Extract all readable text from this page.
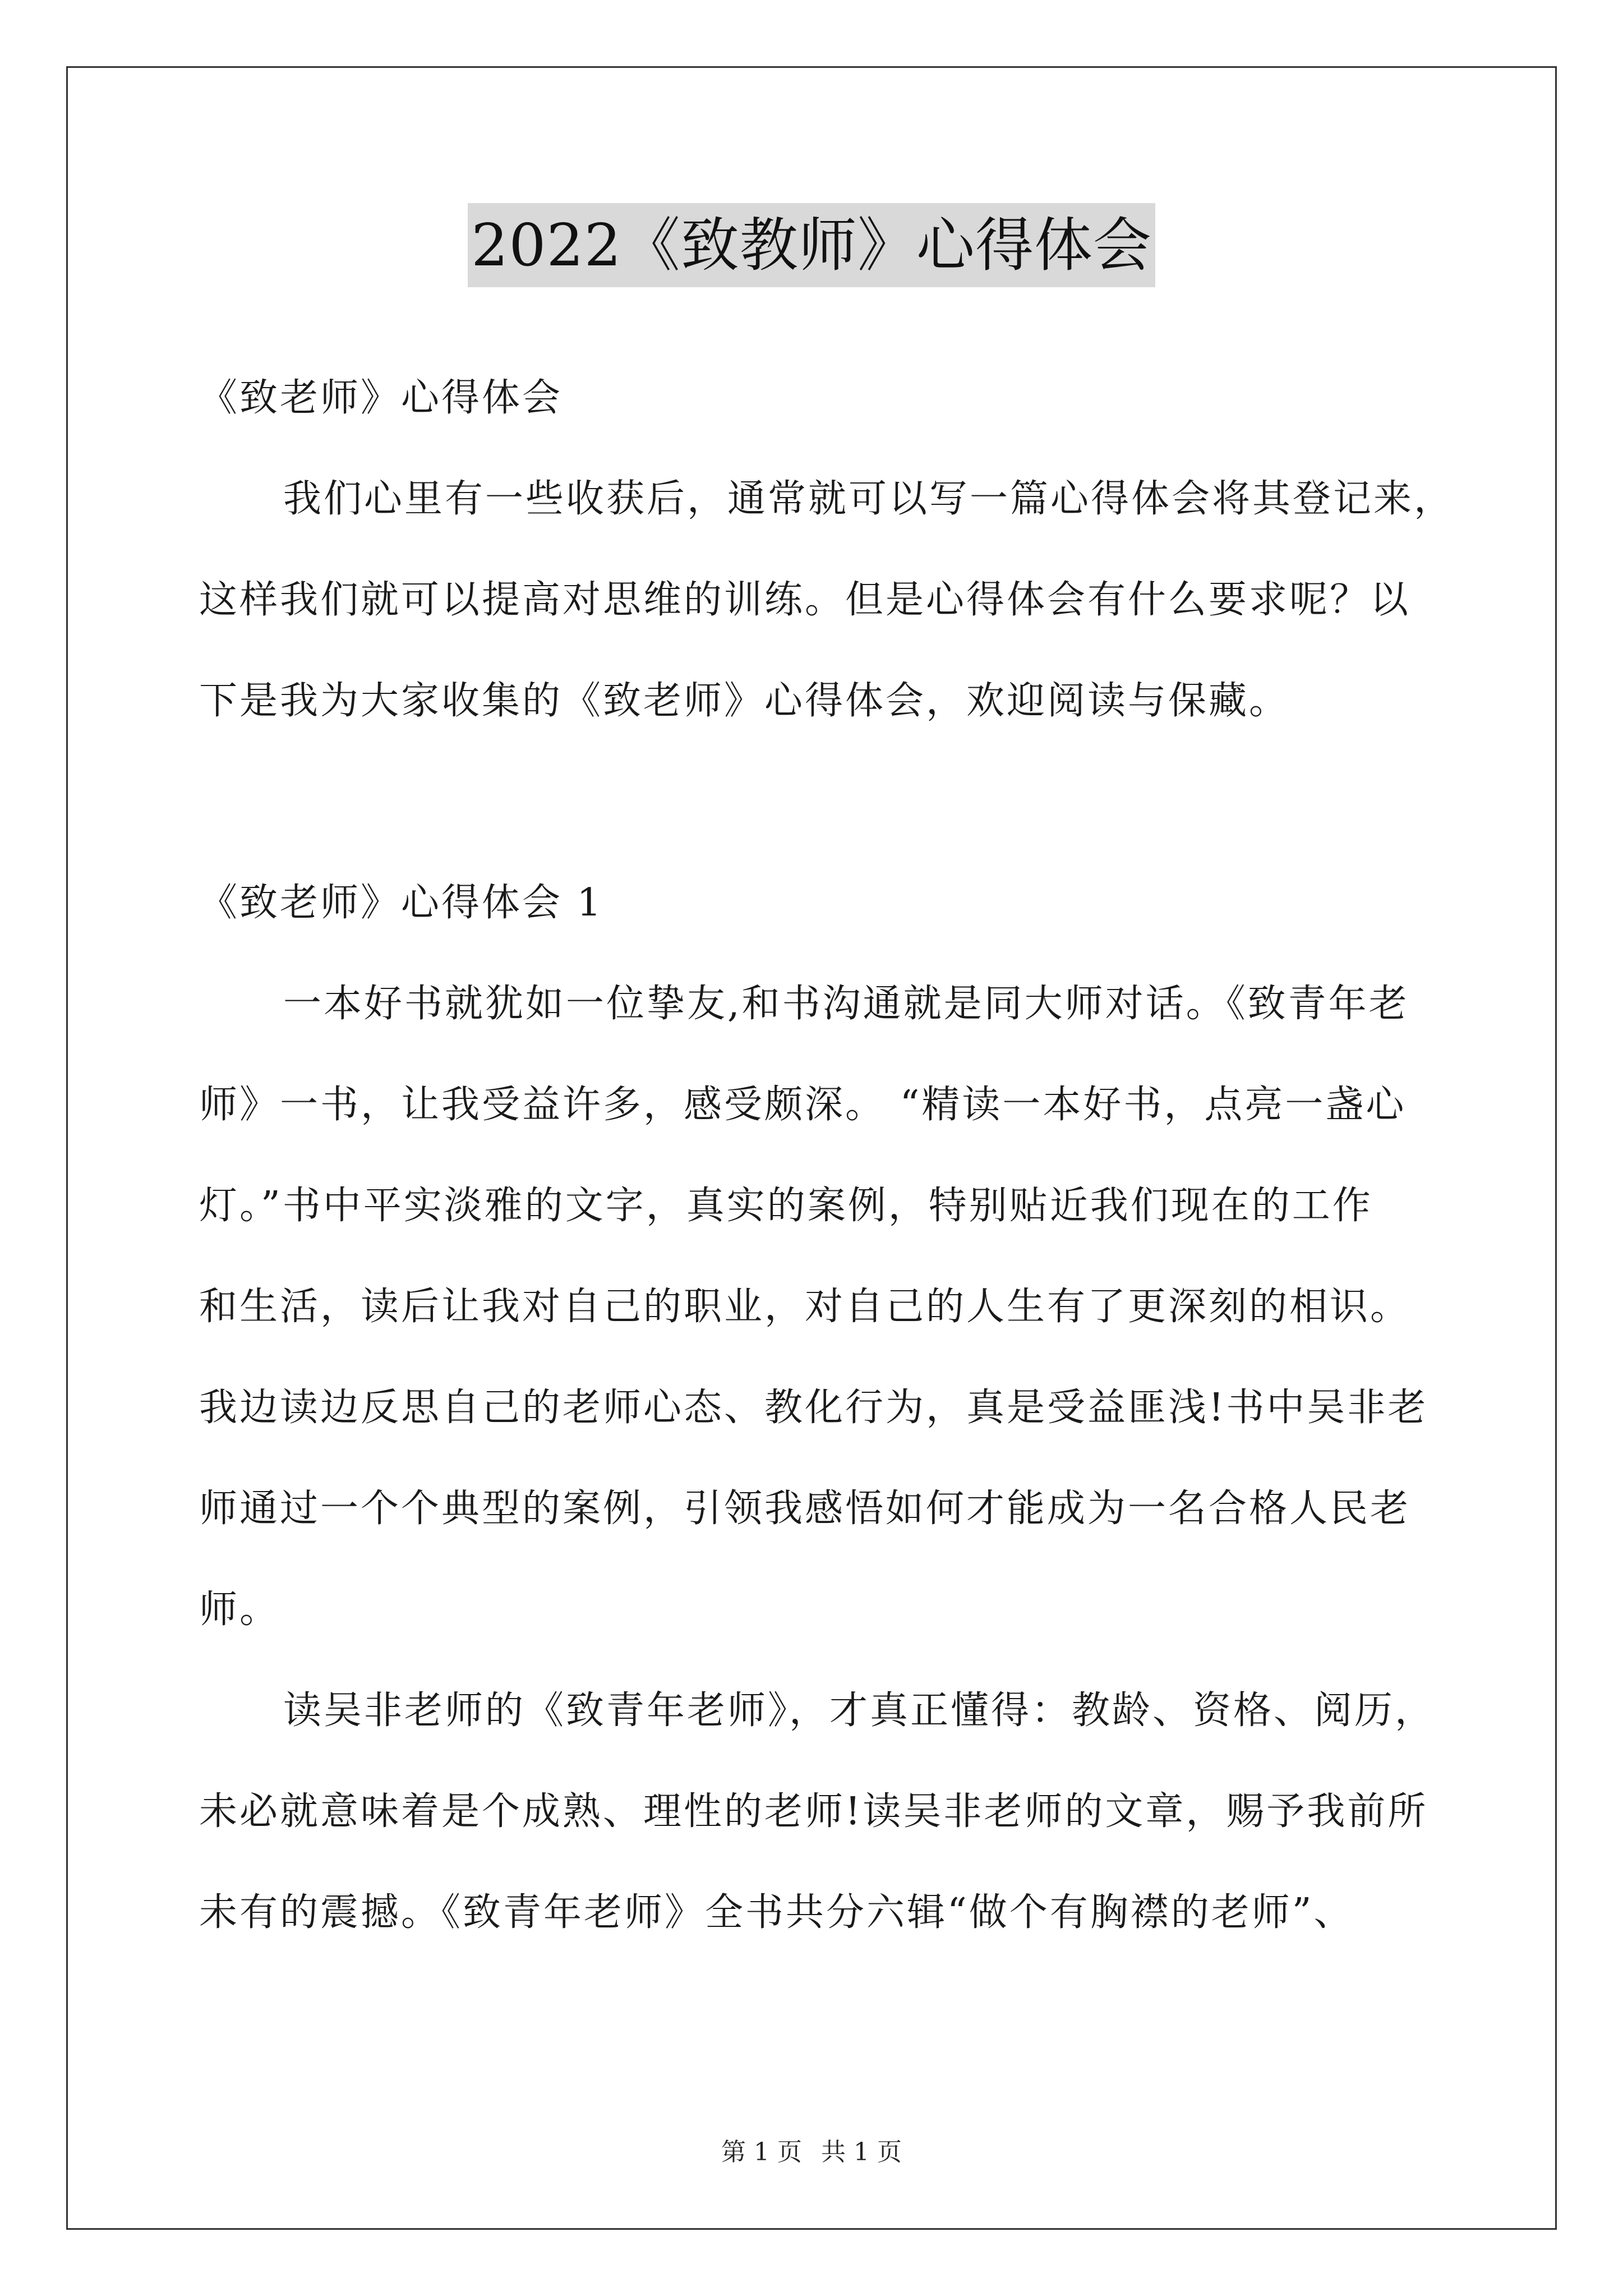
2022《致教师》心得体会
《致老师》心得体会
我们心里有一些收获后，通常就可以写一篇心得体会将其登记来，
这样我们就可以提高对思维的训练。但是心得体会有什么要求呢？以
下是我为大家收集的《致老师》心得体会，欢迎阅读与保藏。
《致老师》心得体会 1
一本好书就犹如一位挚友,和书沟通就是同大师对话。《致青年老
师》一书，让我受益许多，感受颇深。 “精读一本好书，点亮一盏心
灯。”书中平实淡雅的文字，真实的案例，特别贴近我们现在的工作
和生活，读后让我对自己的职业，对自己的人生有了更深刻的相识。
我边读边反思自己的老师心态、教化行为，真是受益匪浅!书中吴非老
师通过一个个典型的案例，引领我感悟如何才能成为一名合格人民老
师。
读吴非老师的《致青年老师》，才真正懂得：教龄、资格、阅历，
未必就意味着是个成熟、理性的老师!读吴非老师的文章，赐予我前所
未有的震撼。《致青年老师》全书共分六辑“做个有胸襟的老师”、
第 1 页 共 1 页
